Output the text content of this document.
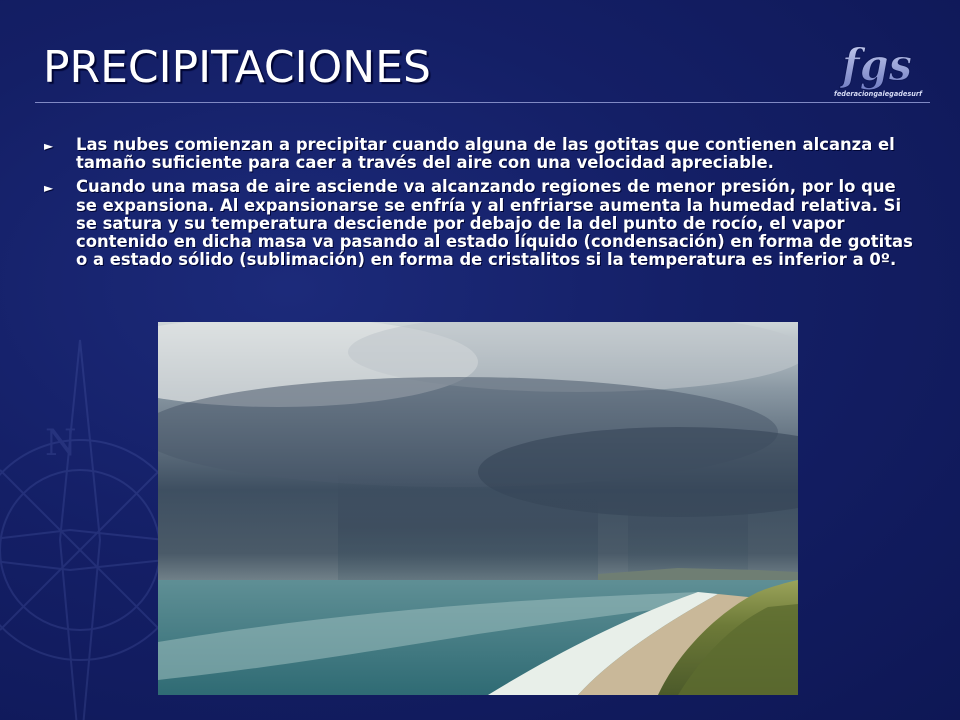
N
PRECIPITACIONES	fgs
federaciongalegadesurf
► Las nubes comienzan a precipitar cuando alguna de las gotitas que contienen alcanza el tamaño suficiente para caer a través del aire con una velocidad apreciable.
► Cuando una masa de aire asciende va alcanzando regiones de menor presión, por lo que se expansiona. Al expansionarse se enfría y al enfriarse aumenta la humedad relativa. Si se satura y su temperatura desciende por debajo de la del punto de rocío, el vapor contenido en dicha masa va pasando al estado líquido (condensación) en forma de gotitas o a estado sólido (sublimación) en forma de cristalitos si la temperatura es inferior a 0º.
